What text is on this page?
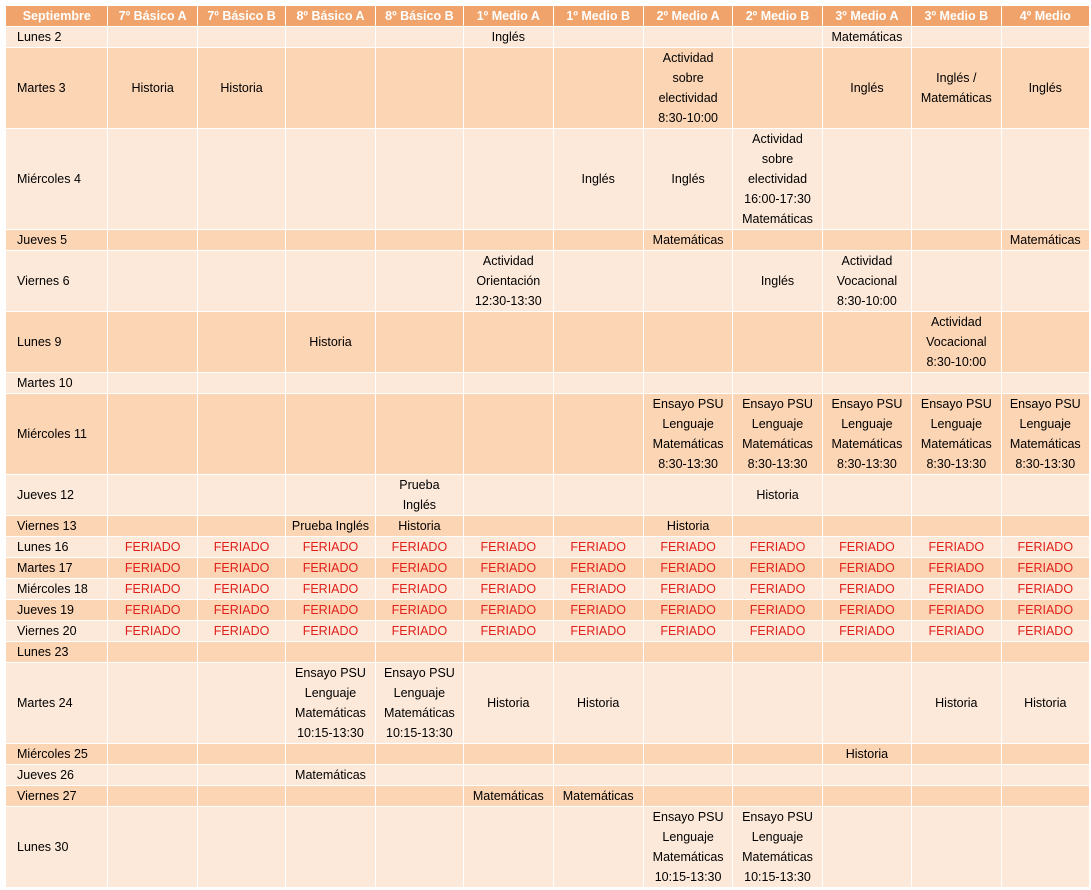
Septiembre	7º Básico A	7º Básico B	8º Básico A	8º Básico B	1º Medio A	1º Medio B	2º Medio A	2º Medio B	3º Medio A	3º Medio B	4º Medio
Lunes 2					Inglés				Matemáticas		
Martes 3	Historia	Historia					Actividad
sobre
electividad
8:30-10:00		Inglés	Inglés /
Matemáticas	Inglés
Miércoles 4						Inglés	Inglés	Actividad
sobre
electividad
16:00-17:30
Matemáticas			
Jueves 5							Matemáticas				Matemáticas
Viernes 6					Actividad
Orientación
12:30-13:30			Inglés	Actividad
Vocacional
8:30-10:00		
Lunes 9			Historia							Actividad
Vocacional
8:30-10:00	
Martes 10											
Miércoles 11							Ensayo PSU
Lenguaje
Matemáticas
8:30-13:30	Ensayo PSU
Lenguaje
Matemáticas
8:30-13:30	Ensayo PSU
Lenguaje
Matemáticas
8:30-13:30	Ensayo PSU
Lenguaje
Matemáticas
8:30-13:30	Ensayo PSU
Lenguaje
Matemáticas
8:30-13:30
Jueves 12				Prueba
Inglés				Historia			
Viernes 13			Prueba Inglés	Historia			Historia				
Lunes 16	FERIADO	FERIADO	FERIADO	FERIADO	FERIADO	FERIADO	FERIADO	FERIADO	FERIADO	FERIADO	FERIADO
Martes 17	FERIADO	FERIADO	FERIADO	FERIADO	FERIADO	FERIADO	FERIADO	FERIADO	FERIADO	FERIADO	FERIADO
Miércoles 18	FERIADO	FERIADO	FERIADO	FERIADO	FERIADO	FERIADO	FERIADO	FERIADO	FERIADO	FERIADO	FERIADO
Jueves 19	FERIADO	FERIADO	FERIADO	FERIADO	FERIADO	FERIADO	FERIADO	FERIADO	FERIADO	FERIADO	FERIADO
Viernes 20	FERIADO	FERIADO	FERIADO	FERIADO	FERIADO	FERIADO	FERIADO	FERIADO	FERIADO	FERIADO	FERIADO
Lunes 23											
Martes 24			Ensayo PSU
Lenguaje
Matemáticas
10:15-13:30	Ensayo PSU
Lenguaje
Matemáticas
10:15-13:30	Historia	Historia				Historia	Historia
Miércoles 25									Historia		
Jueves 26			Matemáticas								
Viernes 27					Matemáticas	Matemáticas					
Lunes 30							Ensayo PSU
Lenguaje
Matemáticas
10:15-13:30	Ensayo PSU
Lenguaje
Matemáticas
10:15-13:30			
